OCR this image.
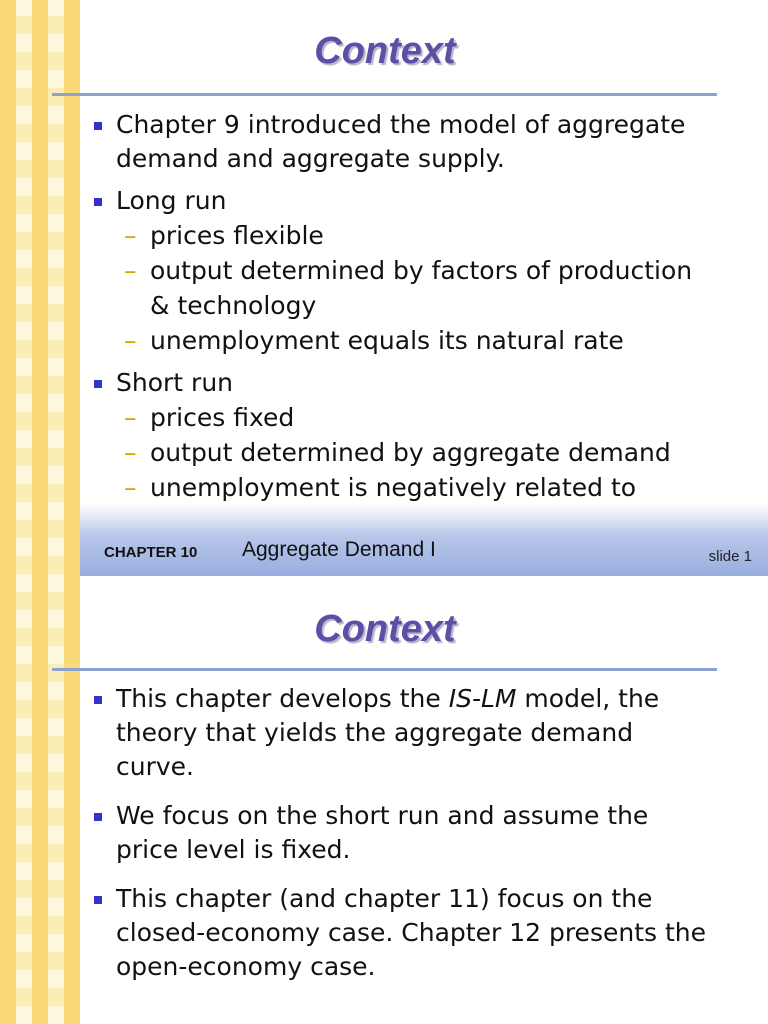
Context
Chapter 9 introduced the model of aggregate demand and aggregate supply.
Long run
– prices flexible
– output determined by factors of production & technology
– unemployment equals its natural rate
Short run
– prices fixed
– output determined by aggregate demand
– unemployment is negatively related to
CHAPTER 10 Aggregate Demand I	slide 1
Context
This chapter develops the IS-LM model, the theory that yields the aggregate demand curve.
We focus on the short run and assume the price level is fixed.
This chapter (and chapter 11) focus on the closed-economy case. Chapter 12 presents the open-economy case.
